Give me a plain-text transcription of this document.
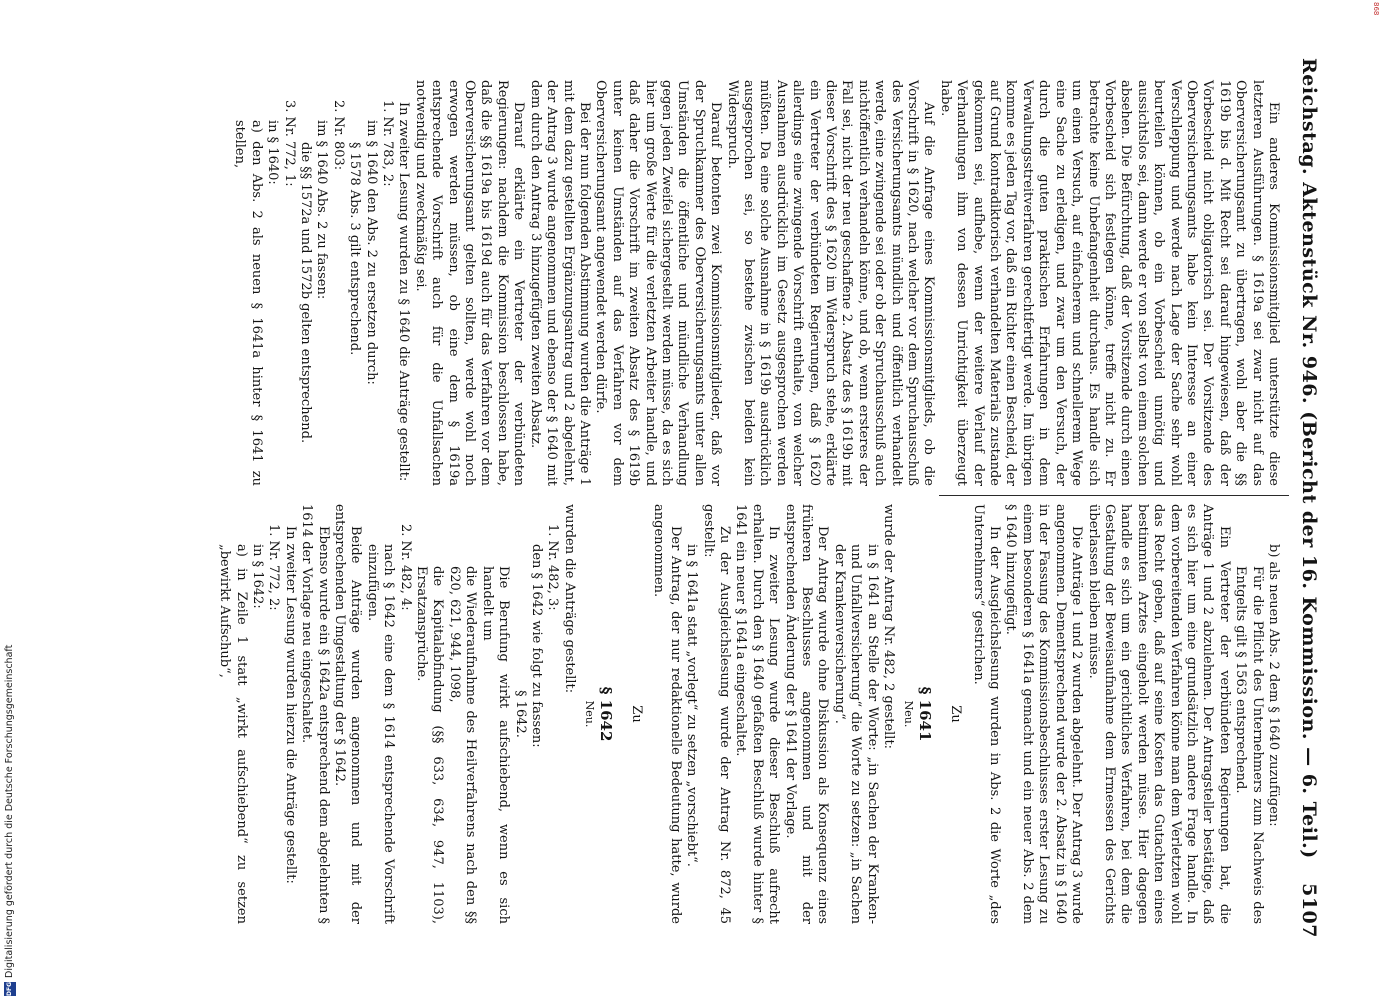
Reichstag. Aktenstück Nr. 946. (Bericht der 16. Kommission. — 6. Teil.)
5107

Ein anderes Kommissionsmitglied unterstützte diese letzteren Ausführungen. § 1619a sei zwar nicht auf das Oberversicherungsamt zu übertragen, wohl aber die §§ 1619b bis d. Mit Recht sei darauf hingewiesen, daß der Vorbescheid nicht obligatorisch sei. Der Vorsitzende des Oberversicherungsamts habe kein Interesse an einer Verschleppung und werde nach Lage der Sache sehr wohl beurteilen können, ob ein Vorbescheid unnötig und aussichtslos sei, dann werde er von selbst von einem solchen absehen. Die Befürchtung, daß der Vorsitzende durch einen Vorbescheid sich festlegen könne, treffe nicht zu. Er betrachte keine Unbefangenheit durchaus. Es handle sich um einen Versuch, auf einfacherem und schnellerem Wege eine Sache zu erledigen, und zwar um den Versuch, der durch die guten praktischen Erfahrungen in dem Verwaltungsstreitverfahren gerechtfertigt werde. Im übrigen komme es jeden Tag vor, daß ein Richter einen Bescheid, der auf Grund kontradiktorisch verhandelten Materials zustande gekommen sei, aufhebe, wenn der weitere Verlauf der Verhandlungen ihm von dessen Unrichtigkeit überzeugt habe.

Auf die Anfrage eines Kommissionsmitglieds, ob die Vorschrift in § 1620, nach welcher vor dem Spruchausschuß des Versicherungsamts mündlich und öffentlich verhandelt werde, eine zwingende sei oder ob der Spruchausschuß auch nichtöffentlich verhandeln könne, und ob, wenn ersteres der Fall sei, nicht der neu geschaffene 2. Absatz des § 1619b mit dieser Vorschrift des § 1620 im Widerspruch stehe, erklärte ein Vertreter der verbündeten Regierungen, daß § 1620 allerdings eine zwingende Vorschrift enthalte, von welcher Ausnahmen ausdrücklich im Gesetz ausgesprochen werden müßten. Da eine solche Ausnahme in § 1619b ausdrücklich ausgesprochen sei, so bestehe zwischen beiden kein Widerspruch.

Darauf betonten zwei Kommissionsmitglieder, daß vor der Spruchkammer des Oberversicherungsamts unter allen Umständen die öffentliche und mündliche Verhandlung gegen jeden Zweifel sichergestellt werden müsse, da es sich hier um große Werte für die verletzten Arbeiter handle, und daß daher die Vorschrift im zweiten Absatz des § 1619b unter keinen Umständen auf das Verfahren vor dem Oberversicherungsamt angewendet werden dürfe.

Bei der nun folgenden Abstimmung wurden die Anträge 1 mit dem dazu gestellten Ergänzungsantrag und 2 abgelehnt, der Antrag 3 wurde angenommen und ebenso der § 1640 mit dem durch den Antrag 3 hinzugefügten zweiten Absatz.

Darauf erklärte ein Vertreter der verbündeten Regierungen: nachdem die Kommission beschlossen habe, daß die §§ 1619a bis 1619d auch für das Verfahren vor dem Oberversicherungsamt gelten sollten, werde wohl noch erwogen werden müssen, ob eine dem § 1619a entsprechende Vorschrift auch für die Unfallsachen notwendig und zweckmäßig sei.

In zweiter Lesung wurden zu § 1640 die Anträge gestellt:

1. Nr. 783, 2:

im § 1640 den Abs. 2 zu ersetzen durch:

§ 1578 Abs. 3 gilt entsprechend.

2. Nr. 803:

im § 1640 Abs. 2 zu fassen:

die §§ 1572a und 1572b gelten entsprechend.

3. Nr. 772, 1:

in § 1640:

a) den Abs. 2 als neuen § 1641a hinter § 1641 zu stellen,

b) als neuen Abs. 2 dem § 1640 zuzufügen:

Für die Pflicht des Unternehmers zum Nachweis des Entgelts gilt § 1563 entsprechend.

Ein Vertreter der verbündeten Regierungen bat, die Anträge 1 und 2 abzulehnen. Der Antragsteller bestätige, daß es sich hier um eine grundsätzlich andere Frage handle. In dem vorbereitenden Verfahren könne man dem Verletzten wohl das Recht geben, daß auf seine Kosten das Gutachten eines bestimmten Arztes eingeholt werden müsse. Hier dagegen handle es sich um ein gerichtliches Verfahren, bei dem die Gestaltung der Beweisaufnahme dem Ermessen des Gerichts überlassen bleiben müsse.

Die Anträge 1 und 2 wurden abgelehnt. Der Antrag 3 wurde angenommen. Dementsprechend wurde der 2. Absatz in § 1640 in der Fassung des Kommissionsbeschlusses erster Lesung zu einem besonderen § 1641a gemacht und ein neuer Abs. 2 dem § 1640 hinzugefügt.

In der Ausgleichslesung wurden in Abs. 2 die Worte „des Unternehmers“ gestrichen.

Zu

§ 1641

Neu.

wurde der Antrag Nr. 482, 2 gestellt:

in § 1641 an Stelle der Worte: „in Sachen der Kranken- und Unfallversicherung“ die Worte zu setzen: „in Sachen der Krankenversicherung“.

Der Antrag wurde ohne Diskussion als Konsequenz eines früheren Beschlusses angenommen und mit der entsprechenden Änderung der § 1641 der Vorlage.

In zweiter Lesung wurde dieser Beschluß aufrecht erhalten. Durch den § 1640 gefaßten Beschluß wurde hinter § 1641 ein neuer § 1641a eingeschaltet.

Zu der Ausgleichslesung wurde der Antrag Nr. 872, 45 gestellt:

in § 1641a statt „vorlegt“ zu setzen „vorschiebt“.

Der Antrag, der nur redaktionelle Bedeutung hatte, wurde angenommen.

Zu

§ 1642

Neu.

wurden die Anträge gestellt:

1. Nr. 482, 3:

den § 1642 wie folgt zu fassen:

§ 1642.

Die Berufung wirkt aufschiebend, wenn es sich handelt um

die Wiederaufnahme des Heilverfahrens nach den §§ 620, 621, 944, 1098,

die Kapitalabfindung (§§ 633, 634, 947, 1103), Ersatzansprüche.

2. Nr. 482, 4:

nach § 1642 eine dem § 1614 entsprechende Vorschrift einzufügen.

Beide Anträge wurden angenommen und mit der entsprechenden Umgestaltung der § 1642.

Ebenso wurde ein § 1642a entsprechend dem abgelehnten § 1614 der Vorlage neu eingeschaltet.

In zweiter Lesung wurden hierzu die Anträge gestellt:

1. Nr. 772, 2:

in § 1642:

a) in Zeile 1 statt „wirkt aufschiebend“ zu setzen „bewirkt Aufschub“,

DFG
Digitalisierung gefördert durch die Deutsche Forschungsgemeinschaft
868
